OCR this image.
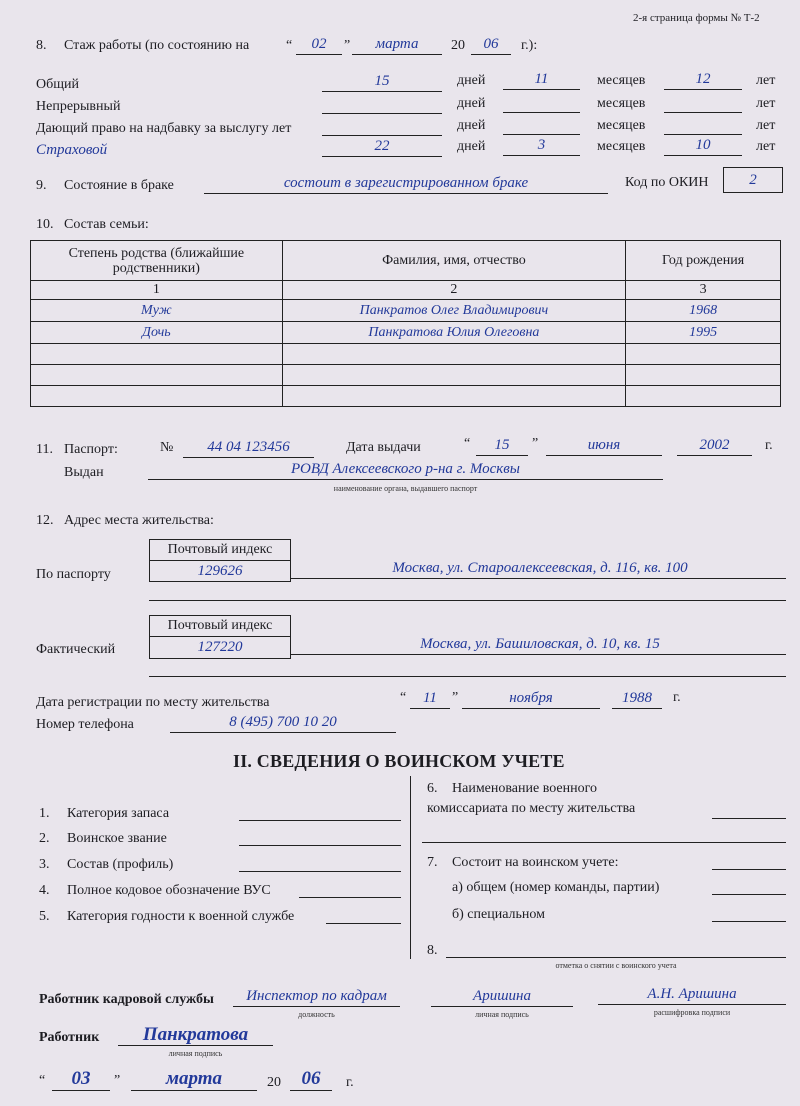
2-я страница формы № Т-2
8. Стаж работы (по состоянию на	“	02	”	марта	20	06	г.):
Общий	15	дней	11	месяцев	12	лет
Непрерывный	дней	месяцев	лет
Дающий право на надбавку за выслугу лет	дней	месяцев	лет
Страховой	22	дней	3	месяцев	10	лет
9. Состояние в браке	состоит в зарегистрированном браке	Код по ОКИН	2
10. Состав семьи:
Степень родства (ближайшие родственники)	Фамилия, имя, отчество	Год рождения
1	2	3
Муж	Панкратов Олег Владимирович	1968
Дочь	Панкратова Юлия Олеговна	1995

11. Паспорт:	№	44 04 123456	Дата выдачи	“	15	”	июня	2002	г.
Выдан	РОВД Алексеевского р-на г. Москвы
наименование органа, выдавшего паспорт
12. Адрес места жительства:
По паспорту
Почтовый индекс
129626	Москва, ул. Староалексеевская, д. 116, кв. 100
Фактический
Почтовый индекс
127220	Москва, ул. Башиловская, д. 10, кв. 15
Дата регистрации по месту жительства	“	11	”	ноября	1988	г.
Номер телефона	8 (495) 700 10 20
II. СВЕДЕНИЯ О ВОИНСКОМ УЧЕТЕ
1. Категория запаса
2. Воинское звание
3. Состав (профиль)
4. Полное кодовое обозначение ВУС
5. Категория годности к военной службе
6. Наименование военного
комиссариата по месту жительства
7. Состоит на воинском учете:
а) общем (номер команды, партии)
б) специальном
8.
отметка о снятии с воинского учета
Работник кадровой службы	Инспектор по кадрам
должность
Аришина
личная подпись
А.Н. Аришина
расшифровка подписи
Работник	Панкратова
личная подпись
“	03	”	марта	20	06	г.
